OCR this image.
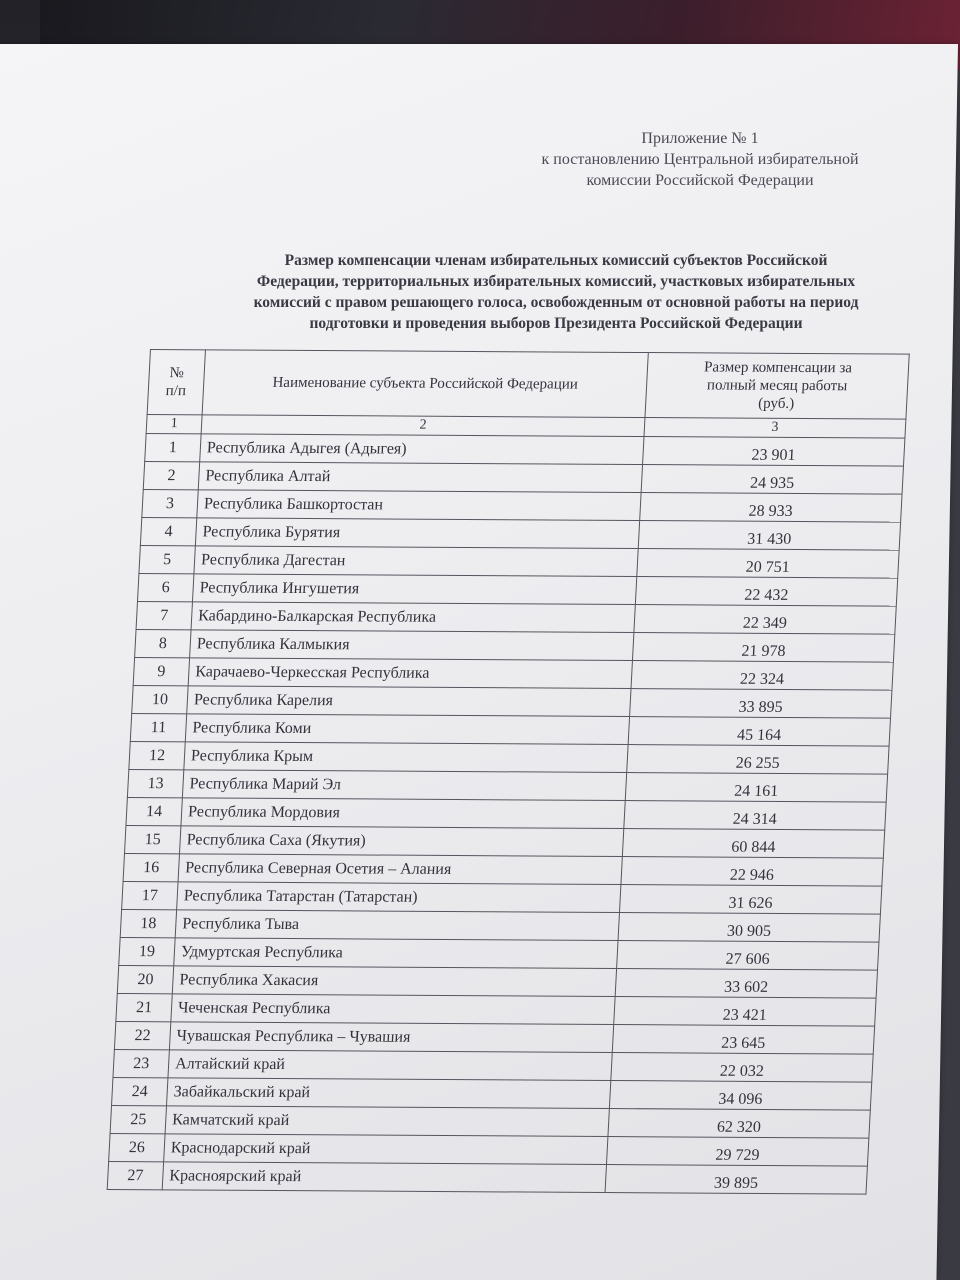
Приложение № 1
к постановлению Центральной избирательной
комиссии Российской Федерации
Размер компенсации членам избирательных комиссий субъектов Российской
Федерации, территориальных избирательных комиссий, участковых избирательных
комиссий с правом решающего голоса, освобожденным от основной работы на период
подготовки и проведения выборов Президента Российской Федерации
№
п/п	Наименование субъекта Российской Федерации	Размер компенсации за
полный месяц работы
(руб.)
1	2	3
1	Республика Адыгея (Адыгея)	23 901
2	Республика Алтай	24 935
3	Республика Башкортостан	28 933
4	Республика Бурятия	31 430
5	Республика Дагестан	20 751
6	Республика Ингушетия	22 432
7	Кабардино-Балкарская Республика	22 349
8	Республика Калмыкия	21 978
9	Карачаево-Черкесская Республика	22 324
10	Республика Карелия	33 895
11	Республика Коми	45 164
12	Республика Крым	26 255
13	Республика Марий Эл	24 161
14	Республика Мордовия	24 314
15	Республика Саха (Якутия)	60 844
16	Республика Северная Осетия – Алания	22 946
17	Республика Татарстан (Татарстан)	31 626
18	Республика Тыва	30 905
19	Удмуртская Республика	27 606
20	Республика Хакасия	33 602
21	Чеченская Республика	23 421
22	Чувашская Республика – Чувашия	23 645
23	Алтайский край	22 032
24	Забайкальский край	34 096
25	Камчатский край	62 320
26	Краснодарский край	29 729
27	Красноярский край	39 895
